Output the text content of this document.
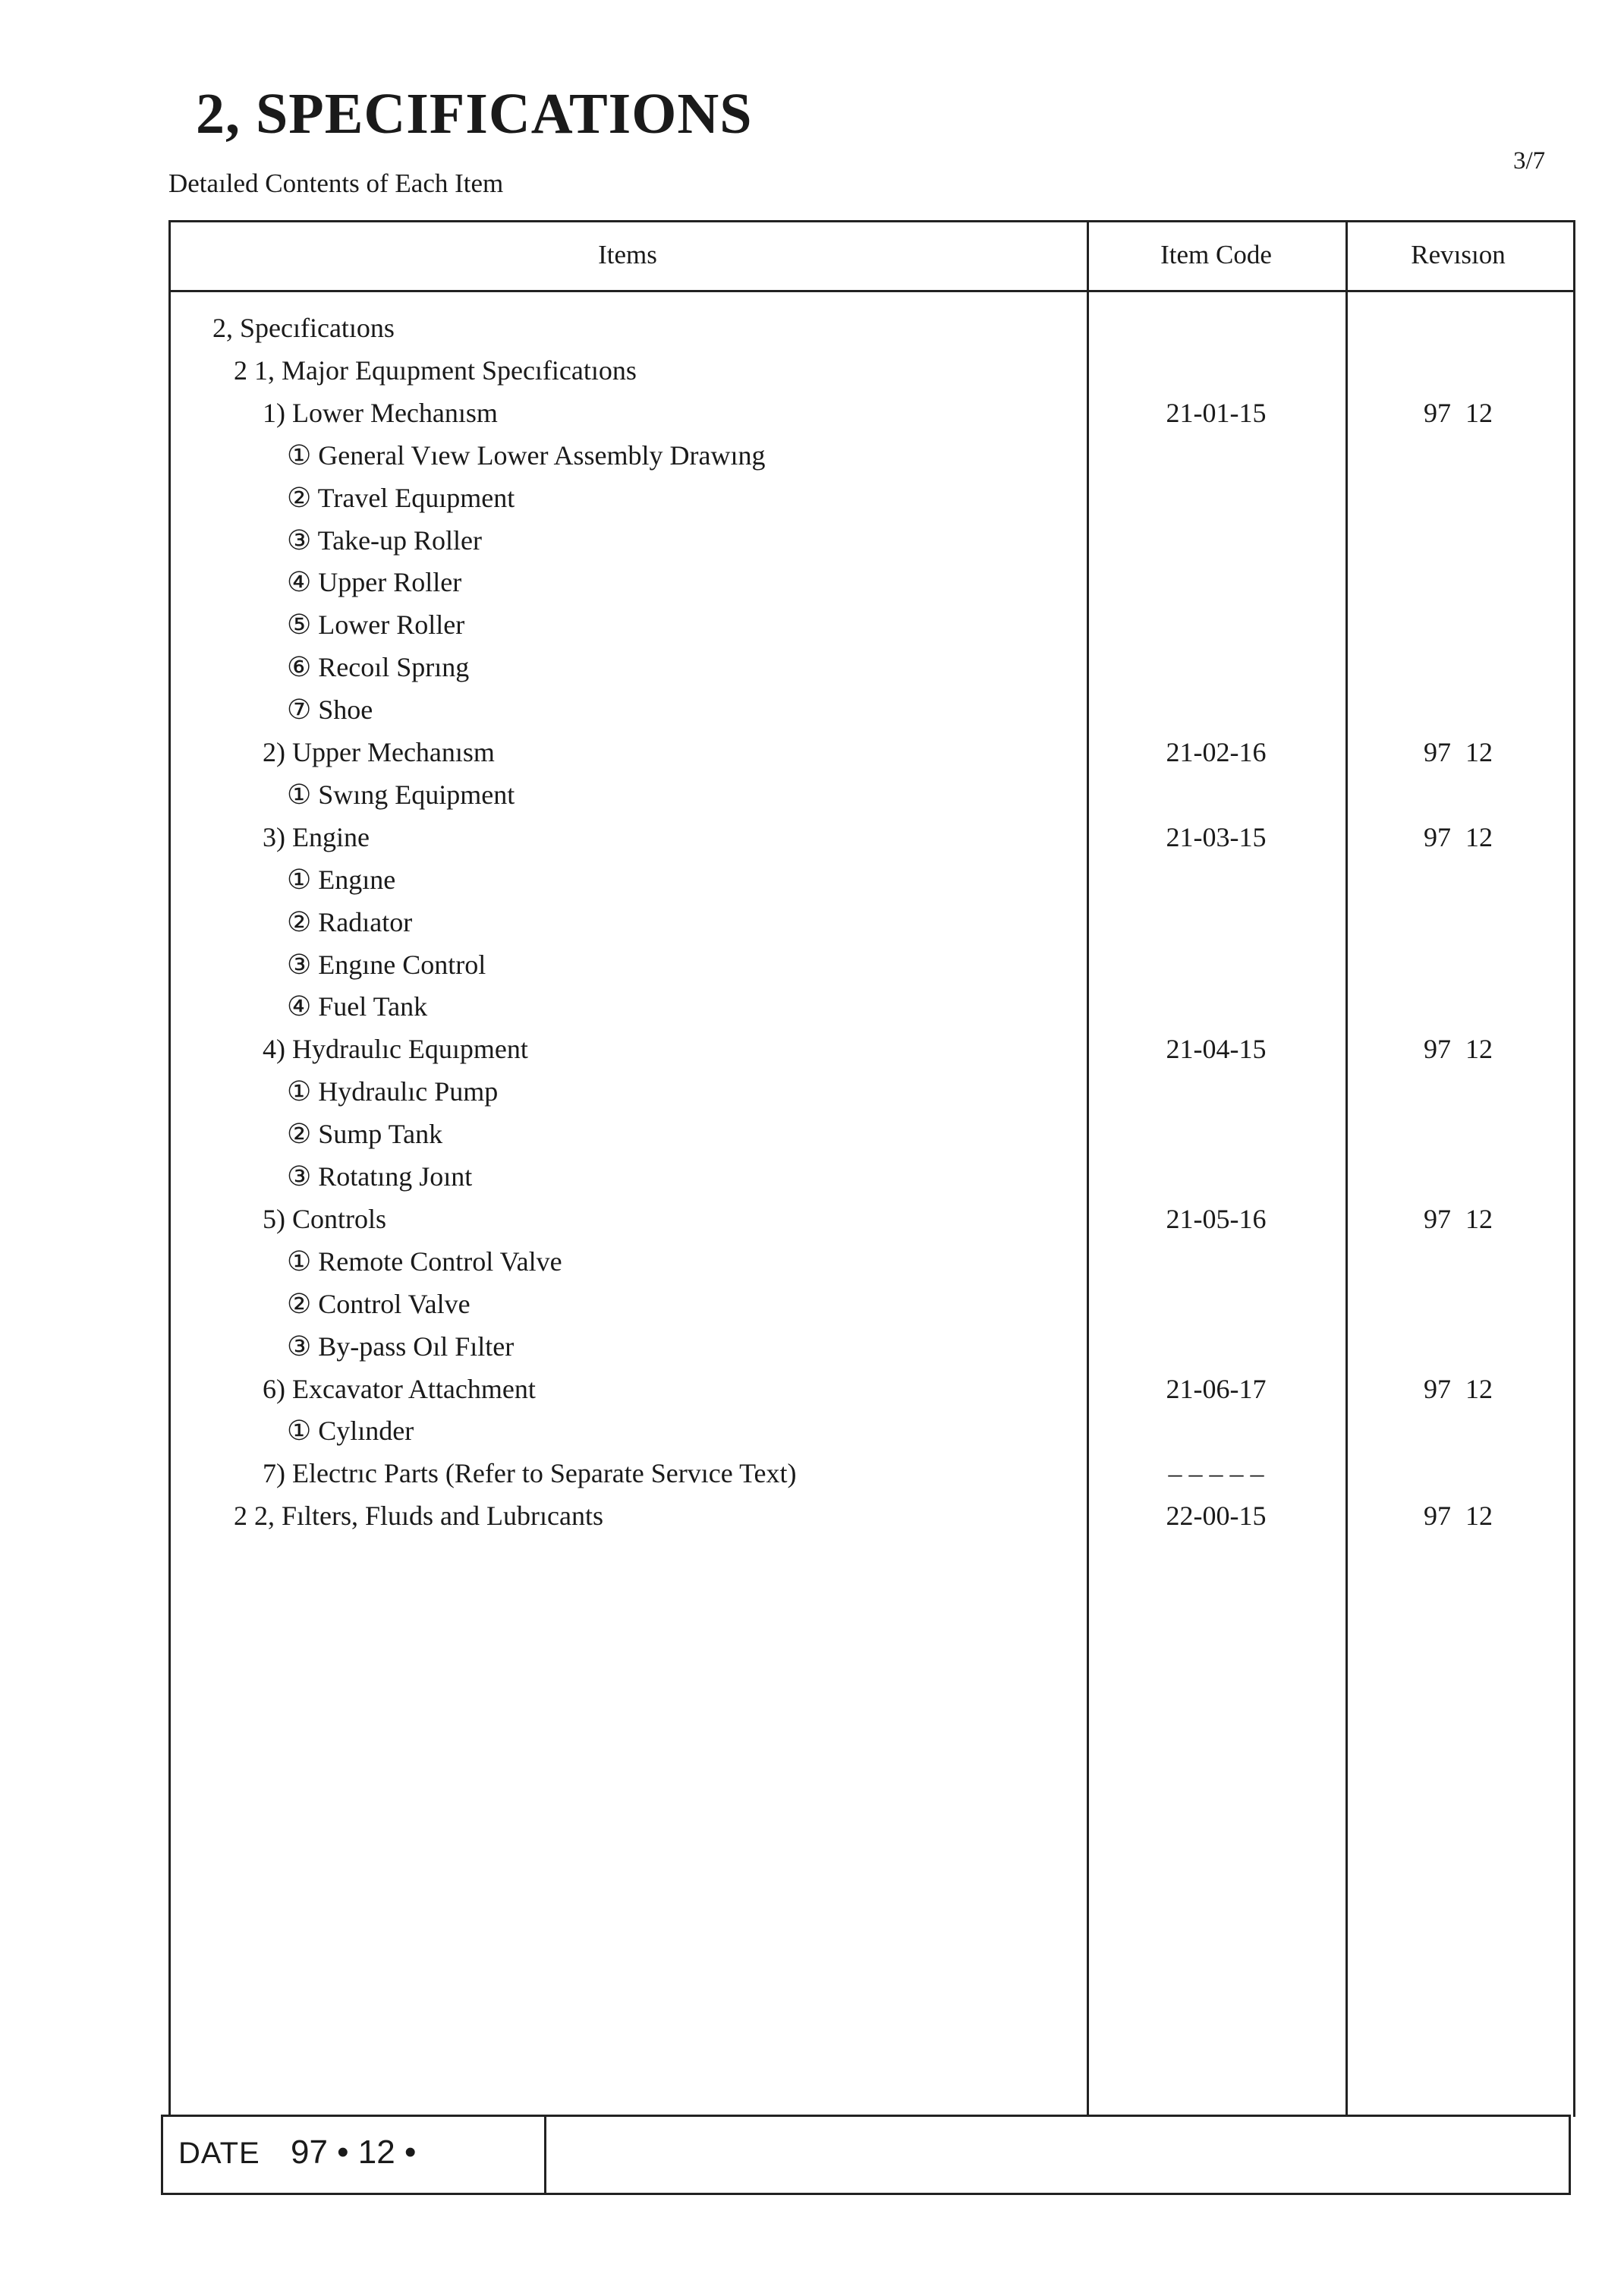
2, SPECIFICATIONS
Detaıled Contents of Each Item
3/7
Items	Item Code	Revısıon
2, Specıficatıons
2 1, Major Equıpment Specıficatıons
1) Lower Mechanısm	21-01-15	97 12
① General Vıew Lower Assembly Drawıng
② Travel Equıpment
③ Take-up Roller
④ Upper Roller
⑤ Lower Roller
⑥ Recoıl Sprıng
⑦ Shoe
2) Upper Mechanısm	21-02-16	97 12
① Swıng Equipment
3) Engine	21-03-15	97 12
① Engıne
② Radıator
③ Engıne Control
④ Fuel Tank
4) Hydraulıc Equıpment	21-04-15	97 12
① Hydraulıc Pump
② Sump Tank
③ Rotatıng Joınt
5) Controls	21-05-16	97 12
① Remote Control Valve
② Control Valve
③ By-pass Oıl Fılter
6) Excavator Attachment	21-06-17	97 12
① Cylınder
7) Electrıc Parts (Refer to Separate Servıce Text)	– – – – –
2 2, Fılters, Fluıds and Lubrıcants	22-00-15	97 12
DATE 97 • 12 •
